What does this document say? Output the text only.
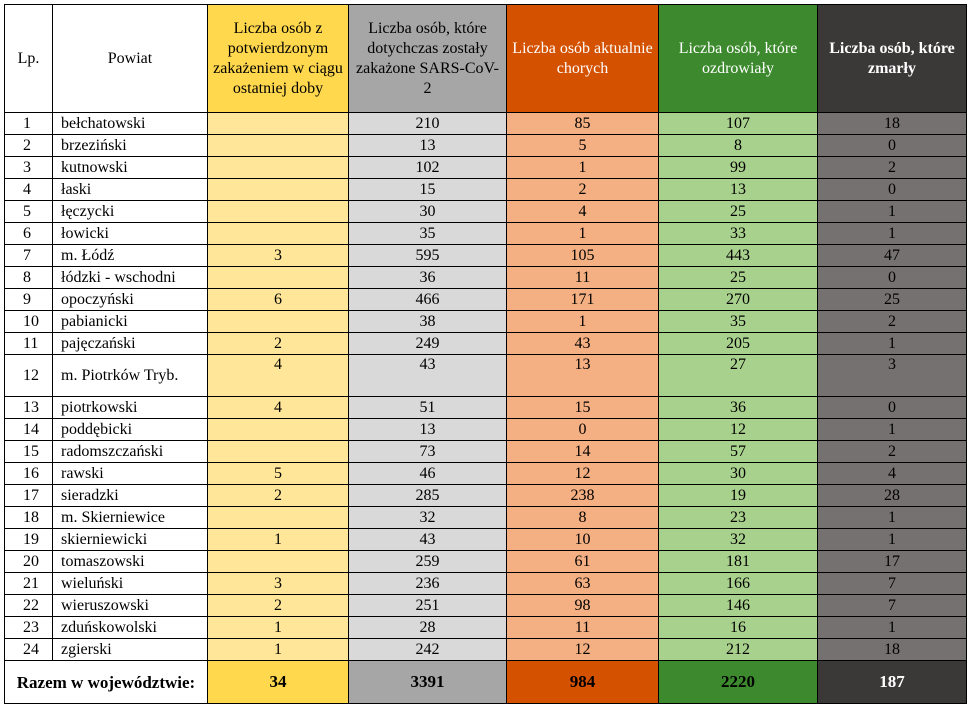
Lp.	Powiat	Liczba osób z potwierdzonym zakażeniem w ciągu ostatniej doby	Liczba osób, które dotychczas zostały zakażone SARS-CoV-2	Liczba osób aktualnie chorych	Liczba osób, które ozdrowiały	Liczba osób, które zmarły
1	bełchatowski		210	85	107	18
2	brzeziński		13	5	8	0
3	kutnowski		102	1	99	2
4	łaski		15	2	13	0
5	łęczycki		30	4	25	1
6	łowicki		35	1	33	1
7	m. Łódź	3	595	105	443	47
8	łódzki - wschodni		36	11	25	0
9	opoczyński	6	466	171	270	25
10	pabianicki		38	1	35	2
11	pajęczański	2	249	43	205	1
12	m. Piotrków Tryb.	4	43	13	27	3
13	piotrkowski	4	51	15	36	0
14	poddębicki		13	0	12	1
15	radomszczański		73	14	57	2
16	rawski	5	46	12	30	4
17	sieradzki	2	285	238	19	28
18	m. Skierniewice		32	8	23	1
19	skierniewicki	1	43	10	32	1
20	tomaszowski		259	61	181	17
21	wieluński	3	236	63	166	7
22	wieruszowski	2	251	98	146	7
23	zduńskowolski	1	28	11	16	1
24	zgierski	1	242	12	212	18
Razem w województwie:		34	3391	984	2220	187
